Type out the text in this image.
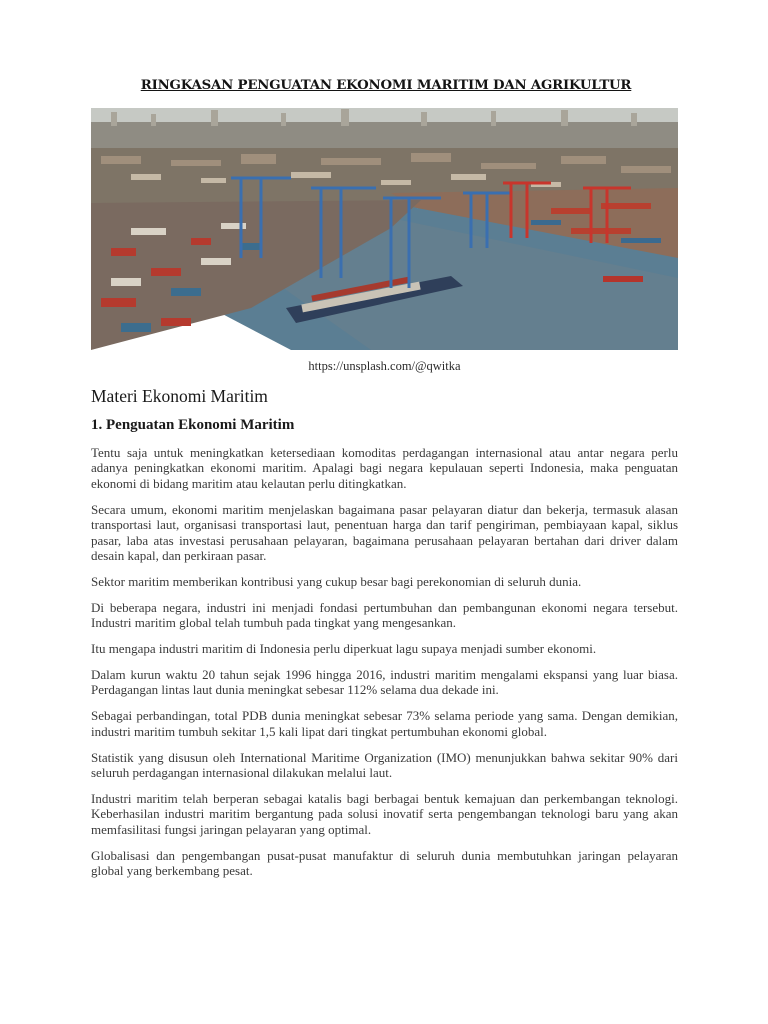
RINGKASAN PENGUATAN EKONOMI MARITIM DAN AGRIKULTUR
https://unsplash.com/@qwitka
Materi Ekonomi Maritim
1. Penguatan Ekonomi Maritim

Tentu saja untuk meningkatkan ketersediaan komoditas perdagangan internasional atau antar negara perlu adanya peningkatkan ekonomi maritim. Apalagi bagi negara kepulauan seperti Indonesia, maka penguatan ekonomi di bidang maritim atau kelautan perlu ditingkatkan.

Secara umum, ekonomi maritim menjelaskan bagaimana pasar pelayaran diatur dan bekerja, termasuk alasan transportasi laut, organisasi transportasi laut, penentuan harga dan tarif pengiriman, pembiayaan kapal, siklus pasar, laba atas investasi perusahaan pelayaran, bagaimana perusahaan pelayaran bertahan dari driver dalam desain kapal, dan perkiraan pasar.

Sektor maritim memberikan kontribusi yang cukup besar bagi perekonomian di seluruh dunia.

Di beberapa negara, industri ini menjadi fondasi pertumbuhan dan pembangunan ekonomi negara tersebut. Industri maritim global telah tumbuh pada tingkat yang mengesankan.

Itu mengapa industri maritim di Indonesia perlu diperkuat lagu supaya menjadi sumber ekonomi.

Dalam kurun waktu 20 tahun sejak 1996 hingga 2016, industri maritim mengalami ekspansi yang luar biasa. Perdagangan lintas laut dunia meningkat sebesar 112% selama dua dekade ini.

Sebagai perbandingan, total PDB dunia meningkat sebesar 73% selama periode yang sama. Dengan demikian, industri maritim tumbuh sekitar 1,5 kali lipat dari tingkat pertumbuhan ekonomi global.

Statistik yang disusun oleh International Maritime Organization (IMO) menunjukkan bahwa sekitar 90% dari seluruh perdagangan internasional dilakukan melalui laut.

Industri maritim telah berperan sebagai katalis bagi berbagai bentuk kemajuan dan perkembangan teknologi. Keberhasilan industri maritim bergantung pada solusi inovatif serta pengembangan teknologi baru yang akan memfasilitasi fungsi jaringan pelayaran yang optimal.

Globalisasi dan pengembangan pusat-pusat manufaktur di seluruh dunia membutuhkan jaringan pelayaran global yang berkembang pesat.
